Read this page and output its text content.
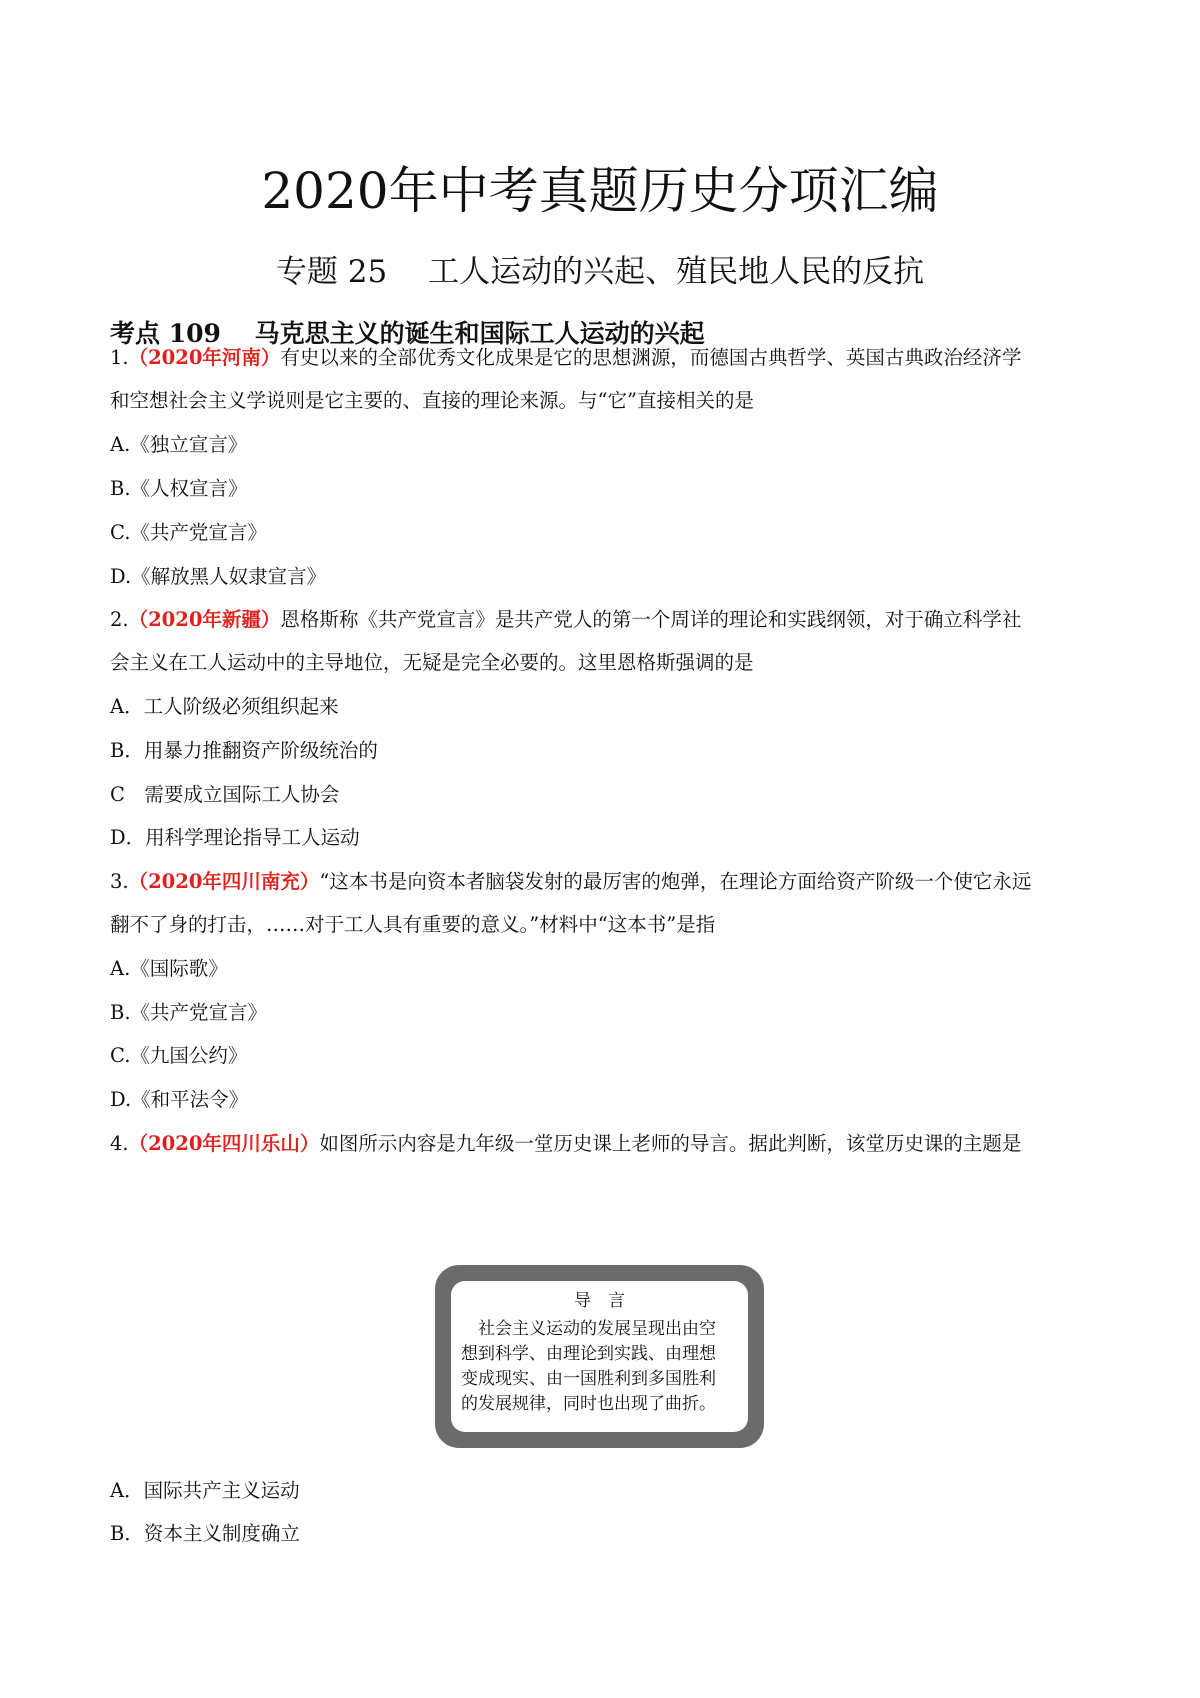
2020年中考真题历史分项汇编
专题 25　 工人运动的兴起、殖民地人民的反抗
考点 109　 马克思主义的诞生和国际工人运动的兴起
1.（2020年河南）有史以来的全部优秀文化成果是它的思想渊源，而德国古典哲学、英国古典政治经济学
和空想社会主义学说则是它主要的、直接的理论来源。与“它”直接相关的是
A.《独立宣言》
B.《人权宣言》
C.《共产党宣言》
D.《解放黑人奴隶宣言》
2.（2020年新疆）恩格斯称《共产党宣言》是共产党人的第一个周详的理论和实践纲领，对于确立科学社
会主义在工人运动中的主导地位，无疑是完全必要的。这里恩格斯强调的是
A．工人阶级必须组织起来
B．用暴力推翻资产阶级统治的
C　需要成立国际工人协会
D．用科学理论指导工人运动
3.（2020年四川南充）“这本书是向资本者脑袋发射的最厉害的炮弹，在理论方面给资产阶级一个使它永远
翻不了身的打击，……对于工人具有重要的意义。”材料中“这本书”是指
A.《国际歌》
B.《共产党宣言》
C.《九国公约》
D.《和平法令》
4.（2020年四川乐山）如图所示内容是九年级一堂历史课上老师的导言。据此判断，该堂历史课的主题是
导　言
　社会主义运动的发展呈现出由空
想到科学、由理论到实践、由理想
变成现实、由一国胜利到多国胜利
的发展规律，同时也出现了曲折。
A．国际共产主义运动
B．资本主义制度确立
